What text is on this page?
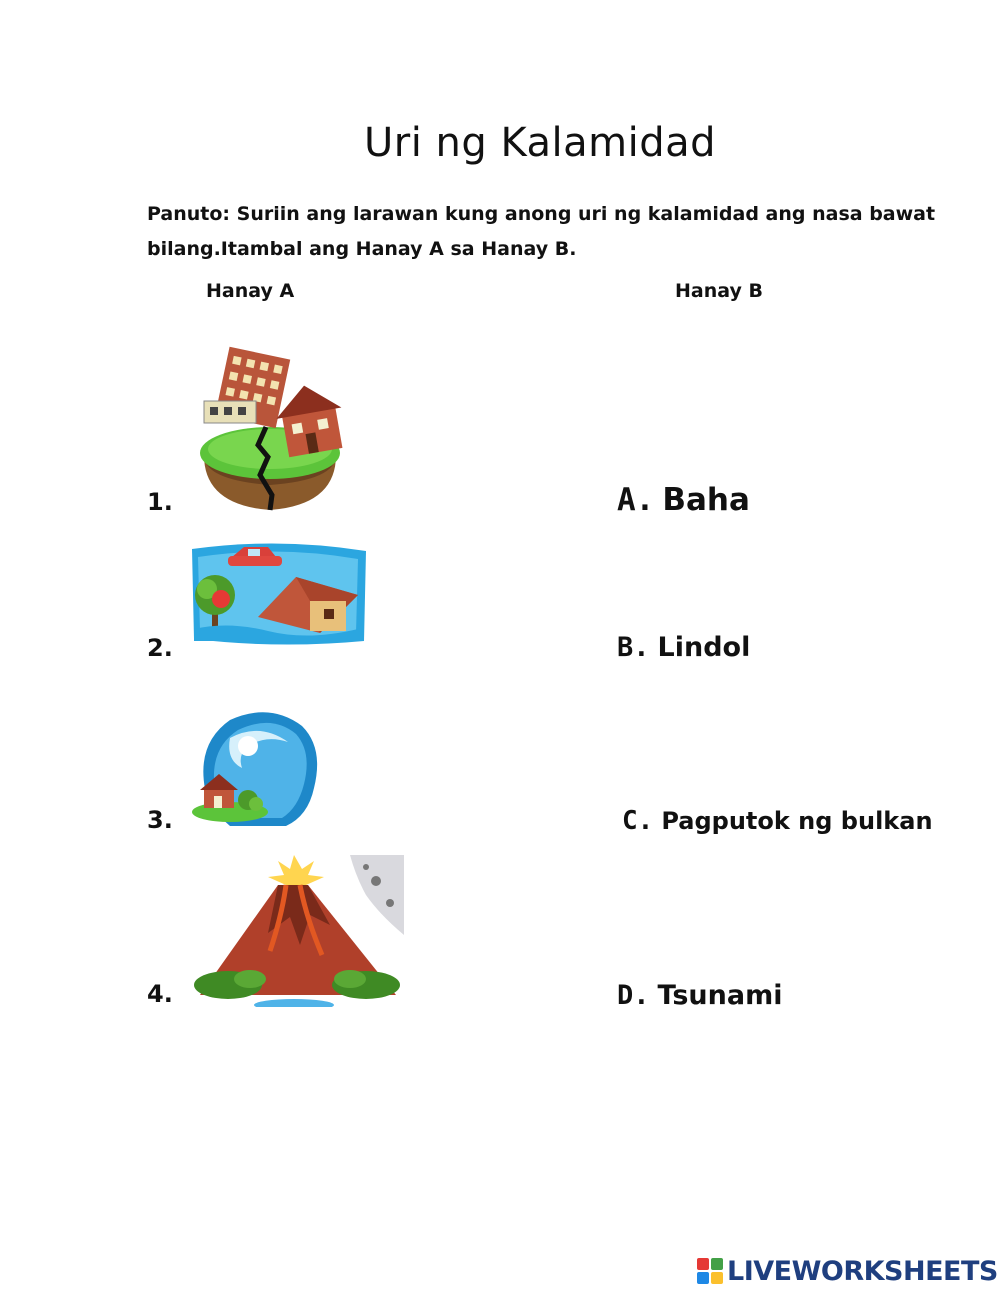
Uri ng Kalamidad
Panuto: Suriin ang larawan kung anong uri ng kalamidad ang nasa bawat bilang.Itambal ang Hanay A sa Hanay B.
Hanay A	Hanay B
1.	A. Baha
2.	B. Lindol
3.	C. Pagputok ng bulkan
4.	D. Tsunami
LIVEWORKSHEETS
